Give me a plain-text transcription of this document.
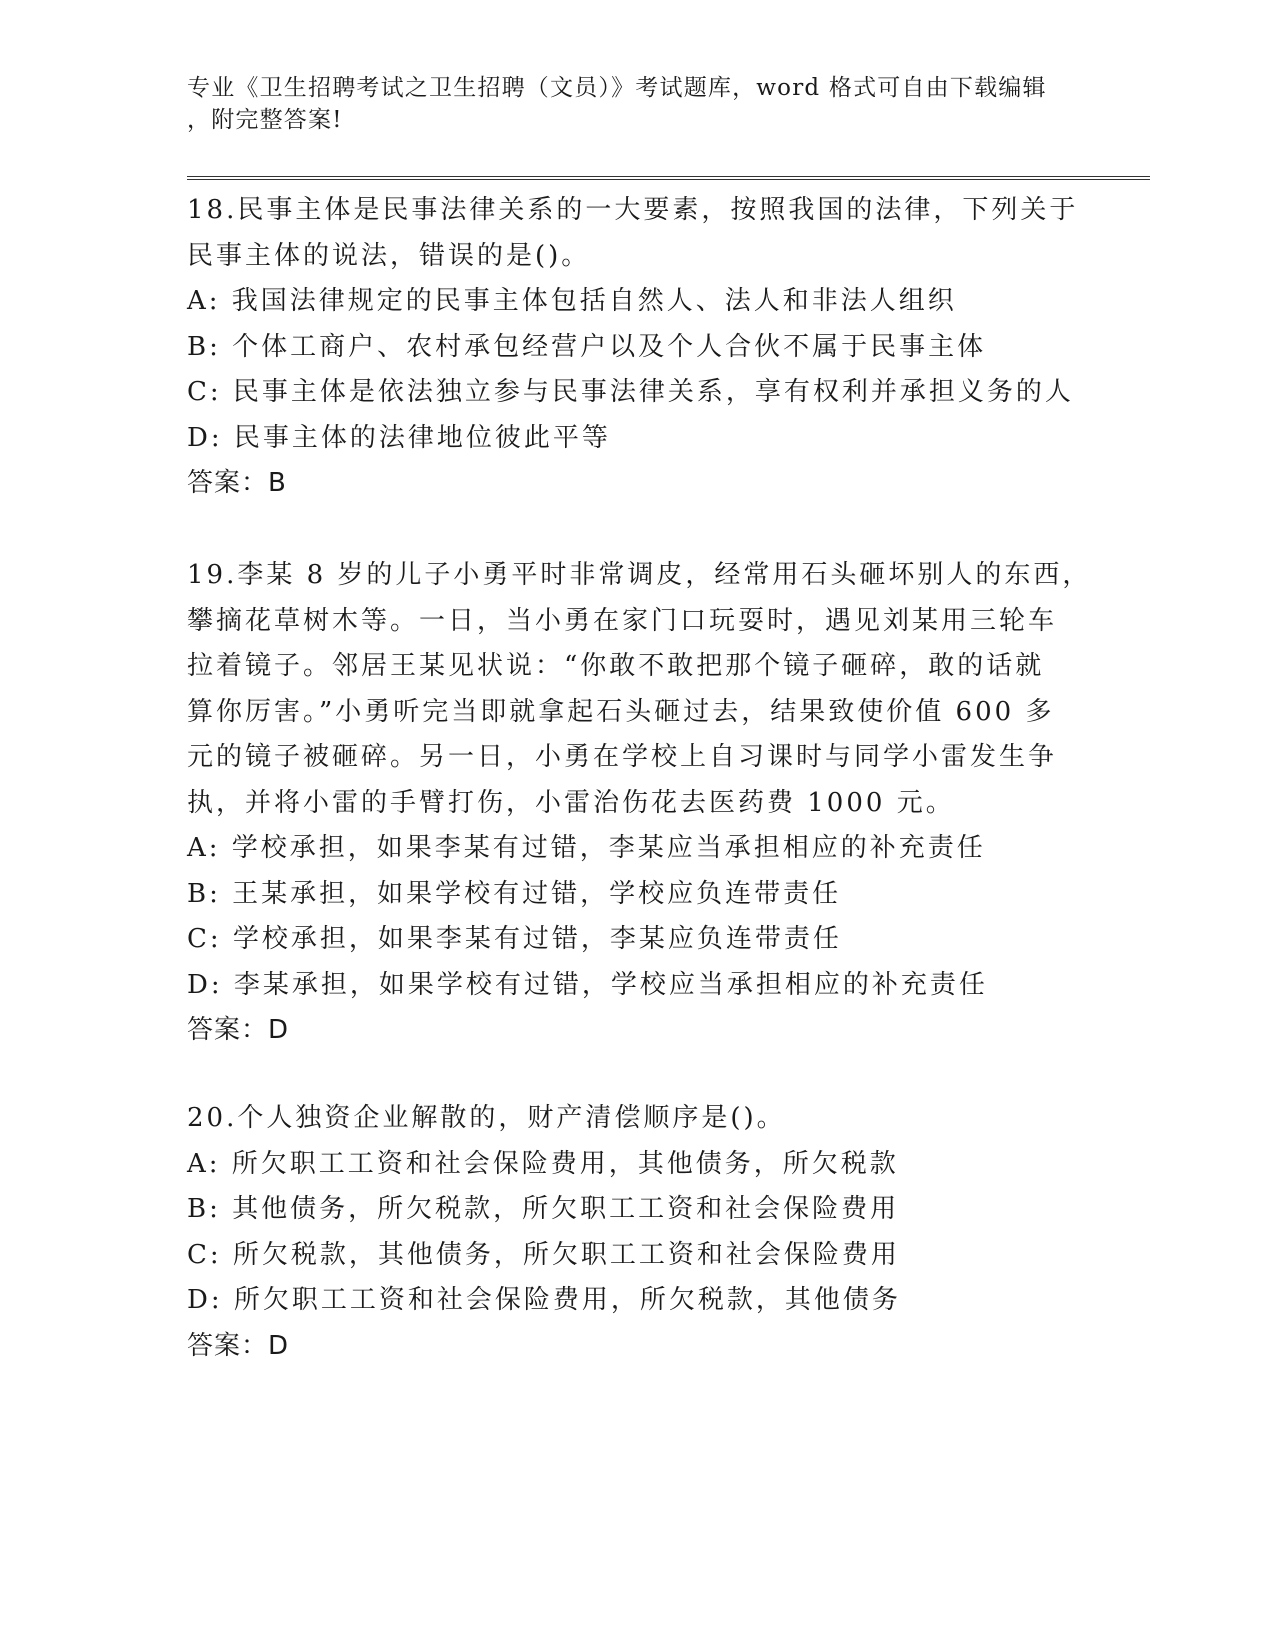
专业《卫生招聘考试之卫生招聘（文员）》考试题库，word 格式可自由下载编辑
，附完整答案!
18.民事主体是民事法律关系的一大要素，按照我国的法律，下列关于
民事主体的说法，错误的是()。
A: 我国法律规定的民事主体包括自然人、法人和非法人组织
B: 个体工商户、农村承包经营户以及个人合伙不属于民事主体
C: 民事主体是依法独立参与民事法律关系，享有权利并承担义务的人
D: 民事主体的法律地位彼此平等
答案：B
19.李某 8 岁的儿子小勇平时非常调皮，经常用石头砸坏别人的东西，
攀摘花草树木等。一日，当小勇在家门口玩耍时，遇见刘某用三轮车
拉着镜子。邻居王某见状说：“你敢不敢把那个镜子砸碎，敢的话就
算你厉害。”小勇听完当即就拿起石头砸过去，结果致使价值 600 多
元的镜子被砸碎。另一日，小勇在学校上自习课时与同学小雷发生争
执，并将小雷的手臂打伤，小雷治伤花去医药费 1000 元。
A: 学校承担，如果李某有过错，李某应当承担相应的补充责任
B: 王某承担，如果学校有过错，学校应负连带责任
C: 学校承担，如果李某有过错，李某应负连带责任
D: 李某承担，如果学校有过错，学校应当承担相应的补充责任
答案：D
20.个人独资企业解散的，财产清偿顺序是()。
A: 所欠职工工资和社会保险费用，其他债务，所欠税款
B: 其他债务，所欠税款，所欠职工工资和社会保险费用
C: 所欠税款，其他债务，所欠职工工资和社会保险费用
D: 所欠职工工资和社会保险费用，所欠税款，其他债务
答案：D
